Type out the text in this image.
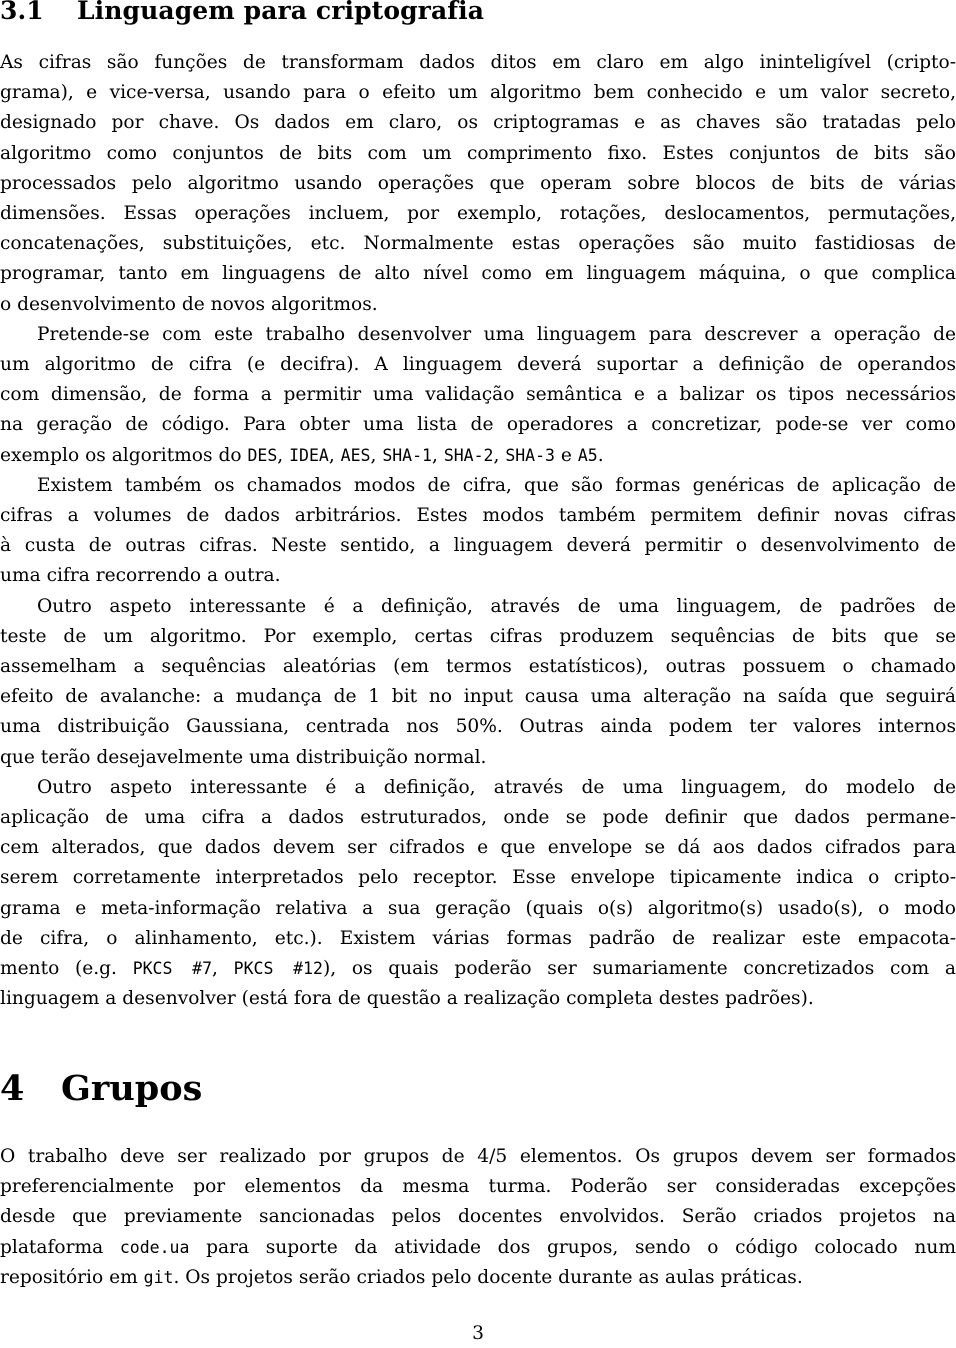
3.1 Linguagem para criptografia
As cifras são funções de transformam dados ditos em claro em algo ininteligível (cripto-
grama), e vice-versa, usando para o efeito um algoritmo bem conhecido e um valor secreto,
designado por chave. Os dados em claro, os criptogramas e as chaves são tratadas pelo
algoritmo como conjuntos de bits com um comprimento fixo. Estes conjuntos de bits são
processados pelo algoritmo usando operações que operam sobre blocos de bits de várias
dimensões. Essas operações incluem, por exemplo, rotações, deslocamentos, permutações,
concatenações, substituições, etc. Normalmente estas operações são muito fastidiosas de
programar, tanto em linguagens de alto nível como em linguagem máquina, o que complica
o desenvolvimento de novos algoritmos.
Pretende-se com este trabalho desenvolver uma linguagem para descrever a operação de
um algoritmo de cifra (e decifra). A linguagem deverá suportar a definição de operandos
com dimensão, de forma a permitir uma validação semântica e a balizar os tipos necessários
na geração de código. Para obter uma lista de operadores a concretizar, pode-se ver como
exemplo os algoritmos do DES, IDEA, AES, SHA-1, SHA-2, SHA-3 e A5.
Existem também os chamados modos de cifra, que são formas genéricas de aplicação de
cifras a volumes de dados arbitrários. Estes modos também permitem definir novas cifras
à custa de outras cifras. Neste sentido, a linguagem deverá permitir o desenvolvimento de
uma cifra recorrendo a outra.
Outro aspeto interessante é a definição, através de uma linguagem, de padrões de
teste de um algoritmo. Por exemplo, certas cifras produzem sequências de bits que se
assemelham a sequências aleatórias (em termos estatísticos), outras possuem o chamado
efeito de avalanche: a mudança de 1 bit no input causa uma alteração na saída que seguirá
uma distribuição Gaussiana, centrada nos 50%. Outras ainda podem ter valores internos
que terão desejavelmente uma distribuição normal.
Outro aspeto interessante é a definição, através de uma linguagem, do modelo de
aplicação de uma cifra a dados estruturados, onde se pode definir que dados permane-
cem alterados, que dados devem ser cifrados e que envelope se dá aos dados cifrados para
serem corretamente interpretados pelo receptor. Esse envelope tipicamente indica o cripto-
grama e meta-informação relativa a sua geração (quais o(s) algoritmo(s) usado(s), o modo
de cifra, o alinhamento, etc.). Existem várias formas padrão de realizar este empacota-
mento (e.g. PKCS #7, PKCS #12), os quais poderão ser sumariamente concretizados com a
linguagem a desenvolver (está fora de questão a realização completa destes padrões).
4 Grupos
O trabalho deve ser realizado por grupos de 4/5 elementos. Os grupos devem ser formados
preferencialmente por elementos da mesma turma. Poderão ser consideradas excepções
desde que previamente sancionadas pelos docentes envolvidos. Serão criados projetos na
plataforma code.ua para suporte da atividade dos grupos, sendo o código colocado num
repositório em git. Os projetos serão criados pelo docente durante as aulas práticas.
3
